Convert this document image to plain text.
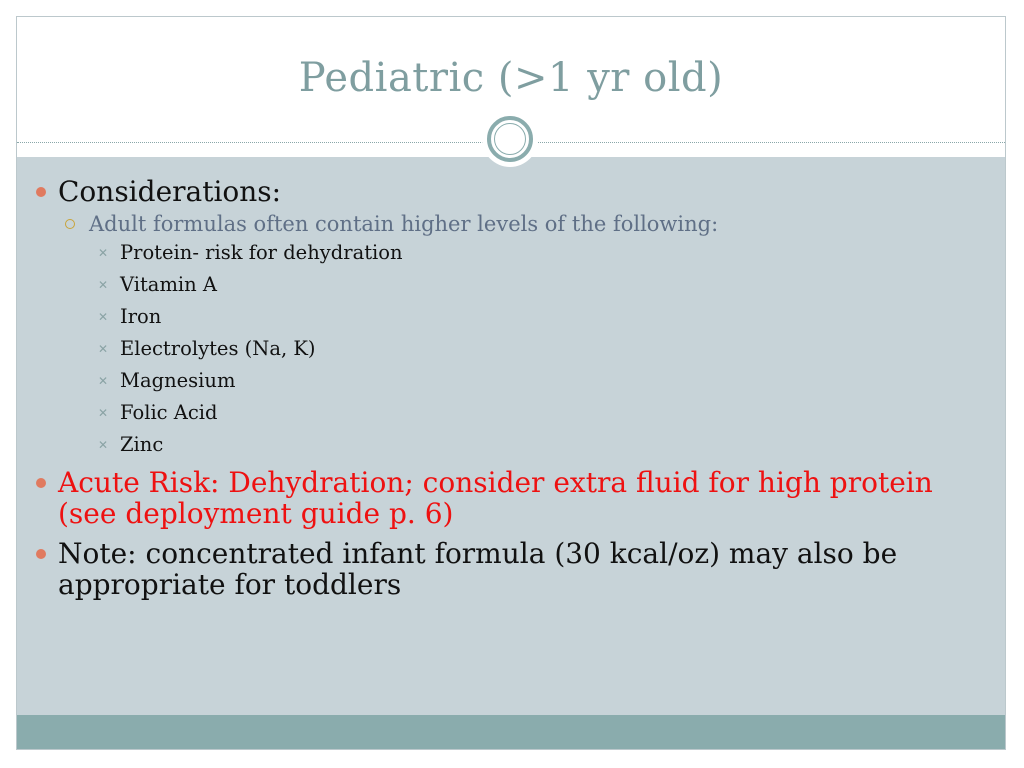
Pediatric (>1 yr old)
Considerations:
Adult formulas often contain higher levels of the following:
✕ Protein- risk for dehydration
✕ Vitamin A
✕ Iron
✕ Electrolytes (Na, K)
✕ Magnesium
✕ Folic Acid
✕ Zinc
Acute Risk: Dehydration; consider extra fluid for high protein (see deployment guide p. 6)
Note: concentrated infant formula (30 kcal/oz) may also be appropriate for toddlers
